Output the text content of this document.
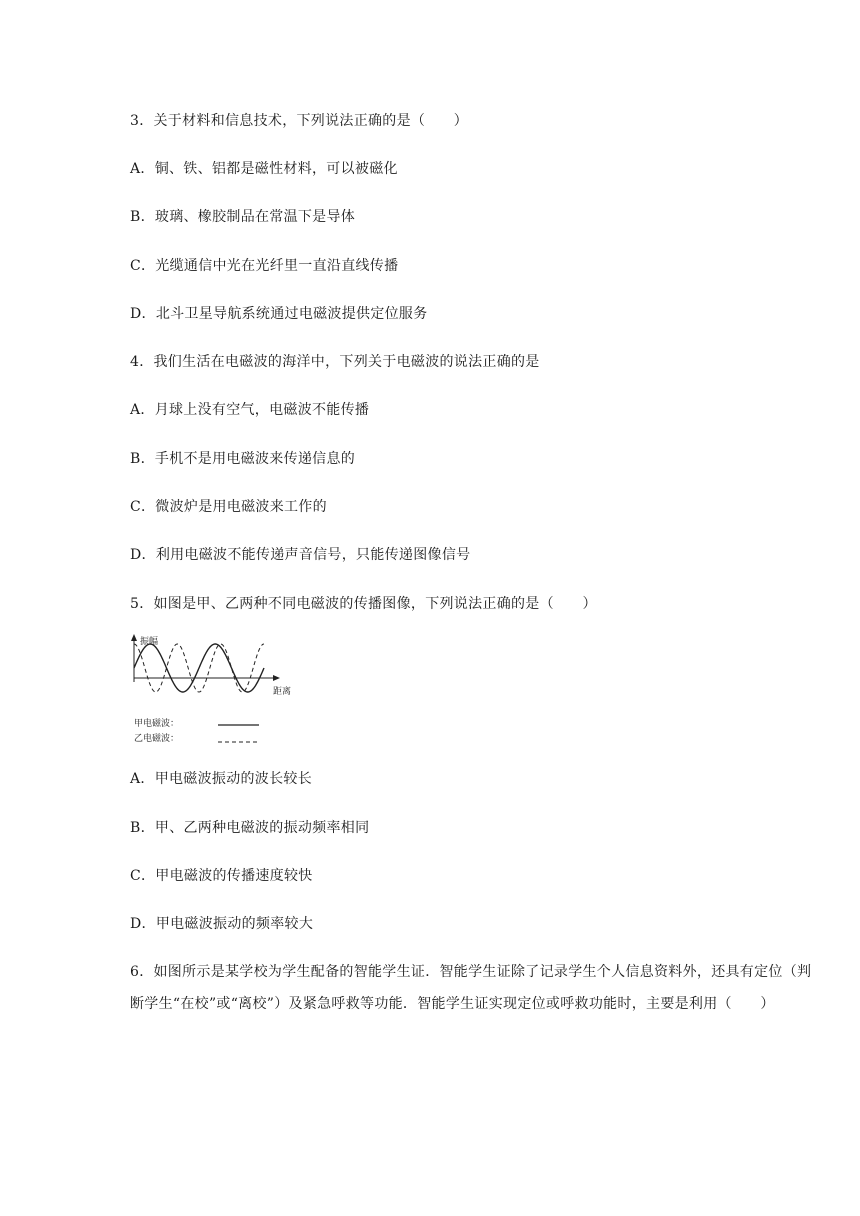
3．关于材料和信息技术，下列说法正确的是（　　）
A．铜、铁、铝都是磁性材料，可以被磁化
B．玻璃、橡胶制品在常温下是导体
C．光缆通信中光在光纤里一直沿直线传播
D．北斗卫星导航系统通过电磁波提供定位服务
4．我们生活在电磁波的海洋中，下列关于电磁波的说法正确的是
A．月球上没有空气，电磁波不能传播
B．手机不是用电磁波来传递信息的
C．微波炉是用电磁波来工作的
D．利用电磁波不能传递声音信号，只能传递图像信号
5．如图是甲、乙两种不同电磁波的传播图像，下列说法正确的是（　　）
振幅
距离
甲电磁波：
乙电磁波：
A．甲电磁波振动的波长较长
B．甲、乙两种电磁波的振动频率相同
C．甲电磁波的传播速度较快
D．甲电磁波振动的频率较大
6．如图所示是某学校为学生配备的智能学生证．智能学生证除了记录学生个人信息资料外，还具有定位（判断学生“在校”或“离校”）及紧急呼救等功能．智能学生证实现定位或呼救功能时，主要是利用（　　）
